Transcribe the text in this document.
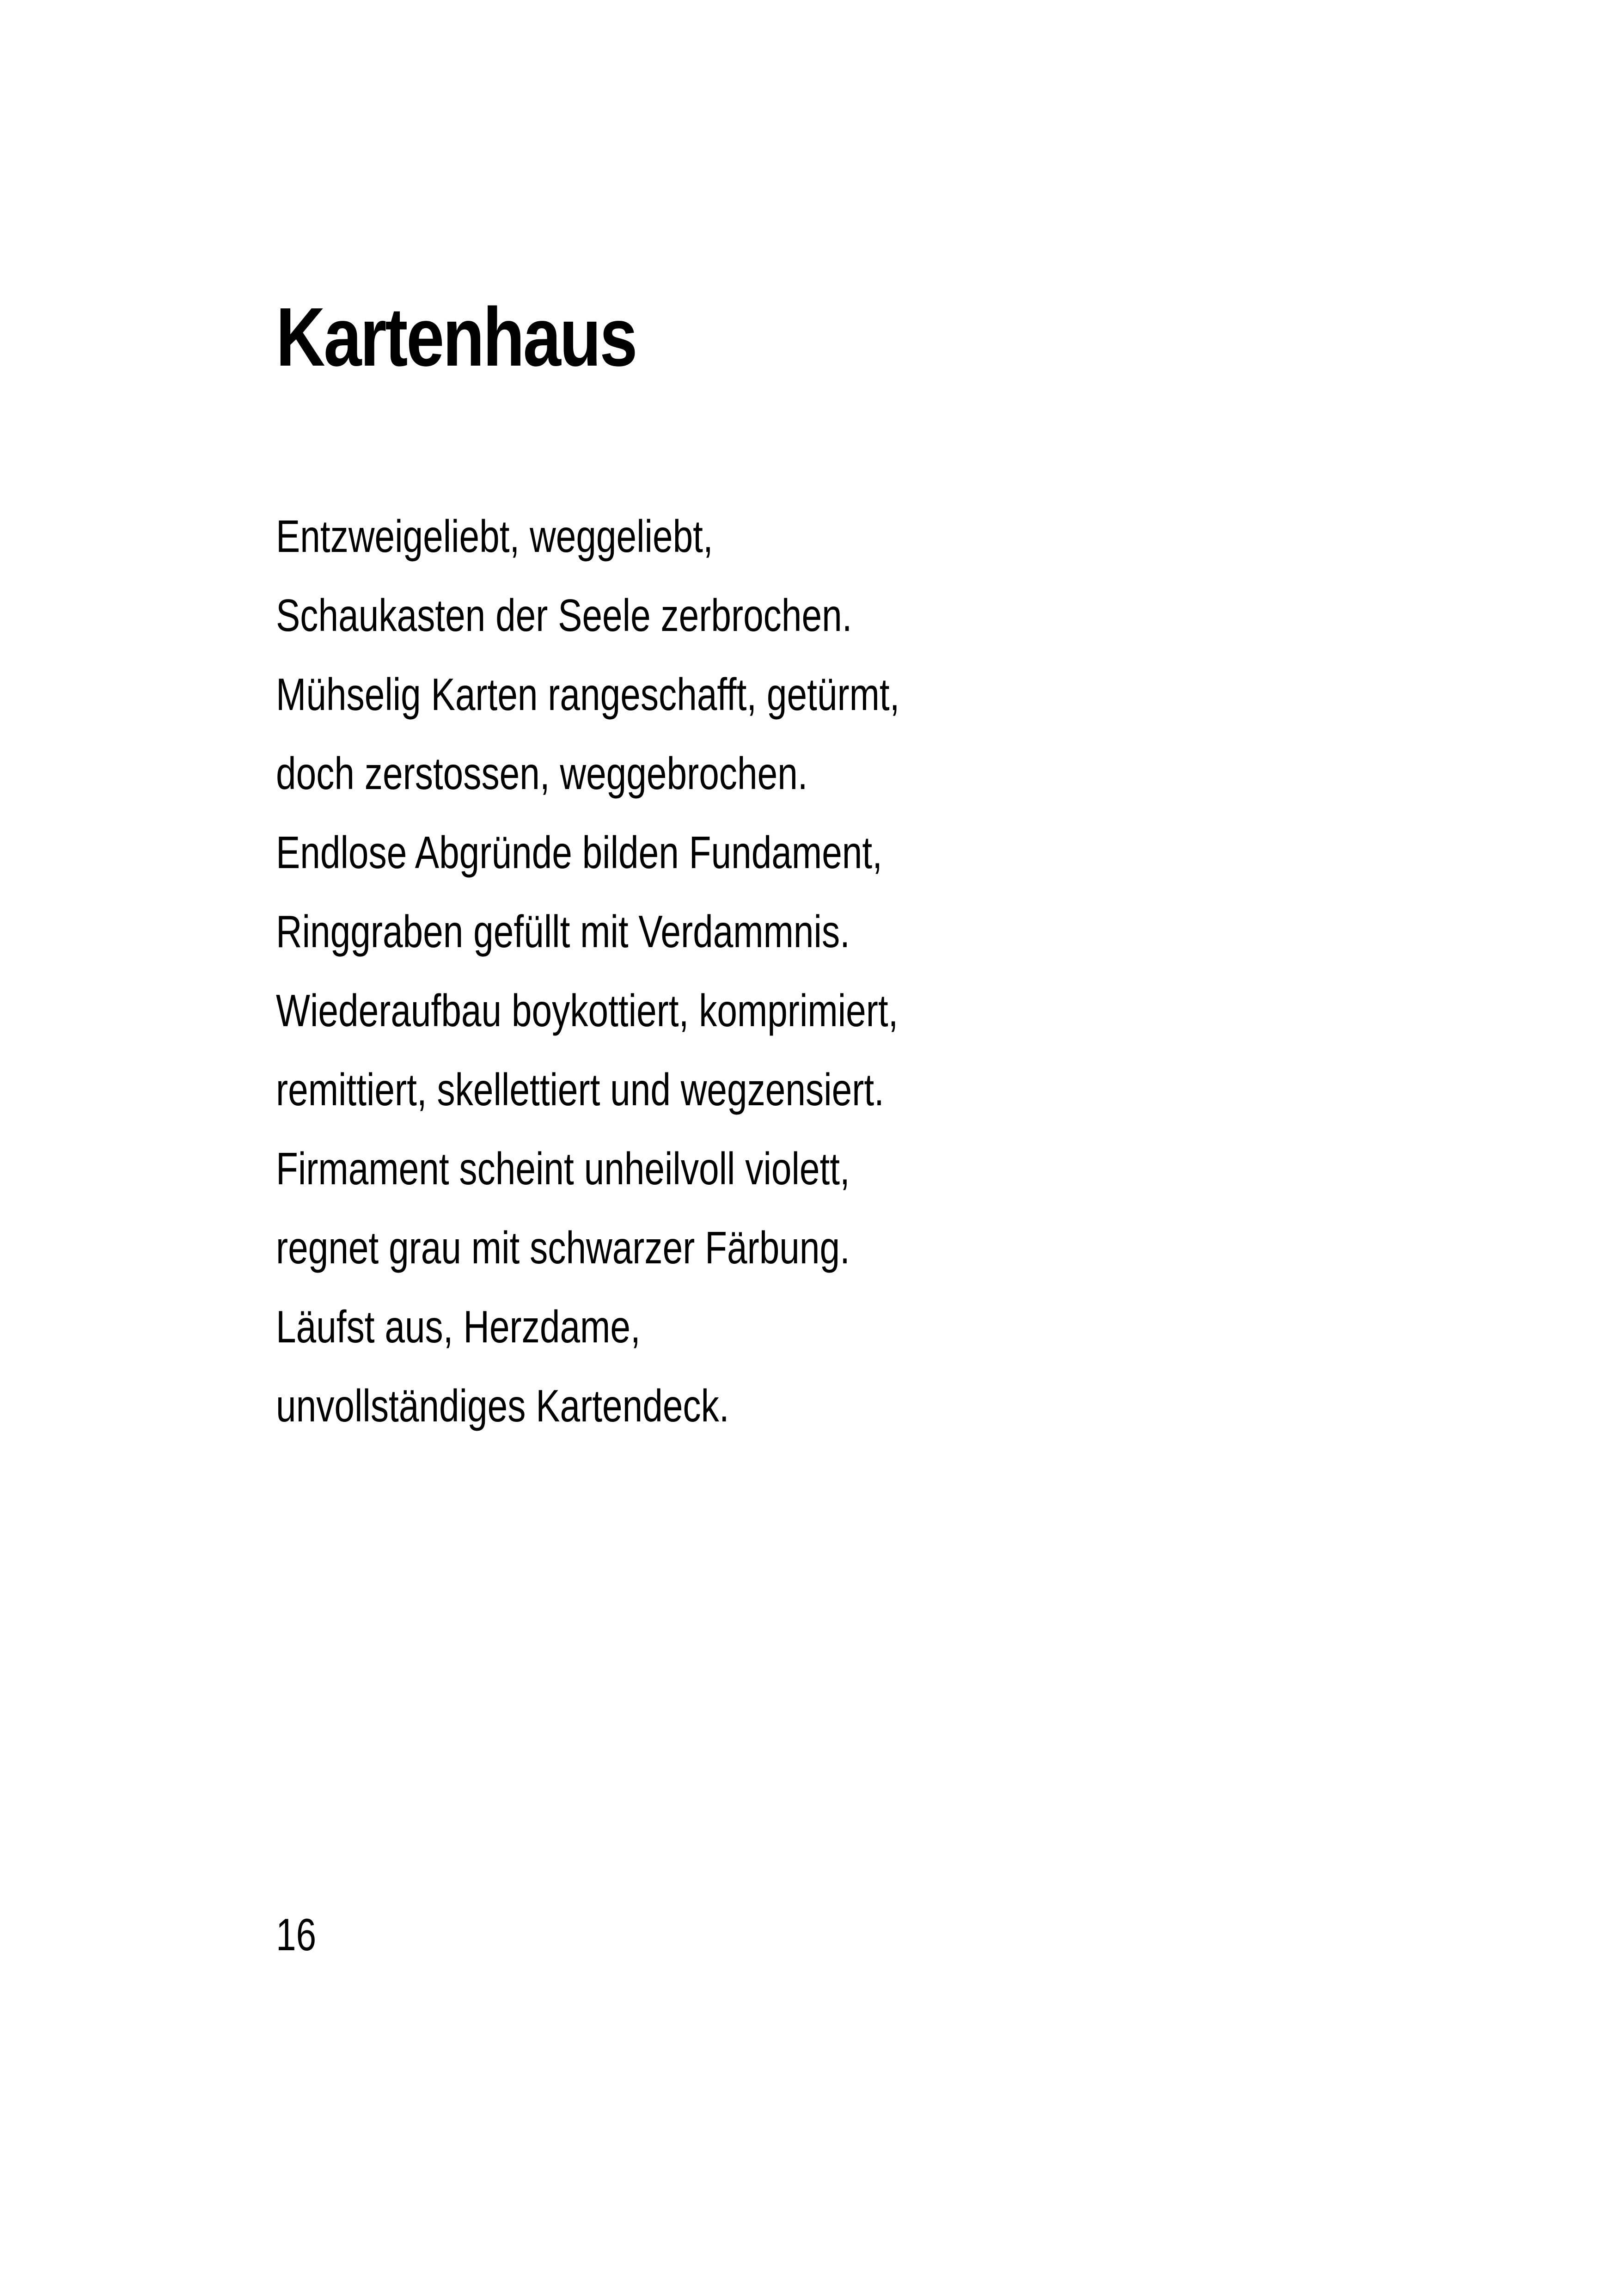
Kartenhaus
Entzweigeliebt, weggeliebt,
Schaukasten der Seele zerbrochen.
Mühselig Karten rangeschafft, getürmt,
doch zerstossen, weggebrochen.
Endlose Abgründe bilden Fundament,
Ringgraben gefüllt mit Verdammnis.
Wiederaufbau boykottiert, komprimiert,
remittiert, skellettiert und wegzensiert.
Firmament scheint unheilvoll violett,
regnet grau mit schwarzer Färbung.
Läufst aus, Herzdame,
unvollständiges Kartendeck.
16
